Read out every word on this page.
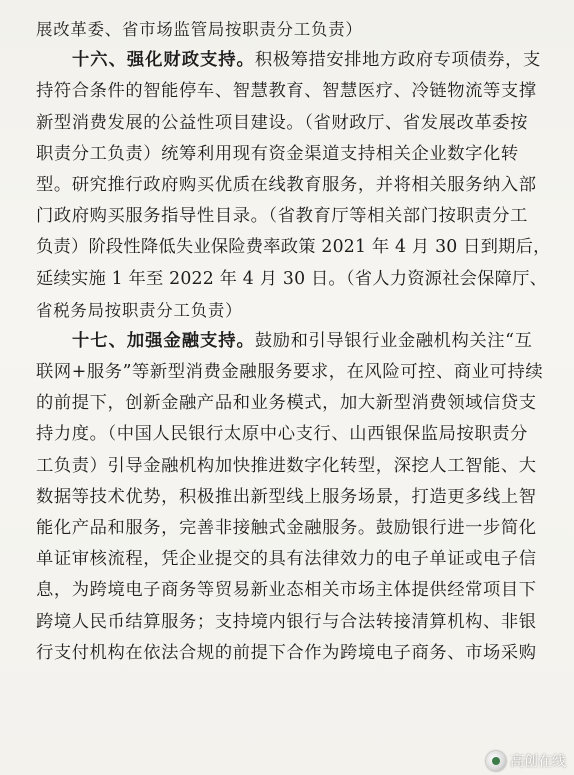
展改革委、省市场监管局按职责分工负责）
十六、强化财政支持。积极筹措安排地方政府专项债券，支
持符合条件的智能停车、智慧教育、智慧医疗、冷链物流等支撑
新型消费发展的公益性项目建设。（省财政厅、省发展改革委按
职责分工负责）统筹利用现有资金渠道支持相关企业数字化转
型。研究推行政府购买优质在线教育服务，并将相关服务纳入部
门政府购买服务指导性目录。（省教育厅等相关部门按职责分工
负责）阶段性降低失业保险费率政策 2021 年 4 月 30 日到期后，
延续实施 1 年至 2022 年 4 月 30 日。（省人力资源社会保障厅、
省税务局按职责分工负责）
十七、加强金融支持。鼓励和引导银行业金融机构关注“互
联网+服务”等新型消费金融服务要求，在风险可控、商业可持续
的前提下，创新金融产品和业务模式，加大新型消费领域信贷支
持力度。（中国人民银行太原中心支行、山西银保监局按职责分
工负责）引导金融机构加快推进数字化转型，深挖人工智能、大
数据等技术优势，积极推出新型线上服务场景，打造更多线上智
能化产品和服务，完善非接触式金融服务。鼓励银行进一步简化
单证审核流程，凭企业提交的具有法律效力的电子单证或电子信
息，为跨境电子商务等贸易新业态相关市场主体提供经常项目下
跨境人民币结算服务；支持境内银行与合法转接清算机构、非银
行支付机构在依法合规的前提下合作为跨境电子商务、市场采购
高创在线
